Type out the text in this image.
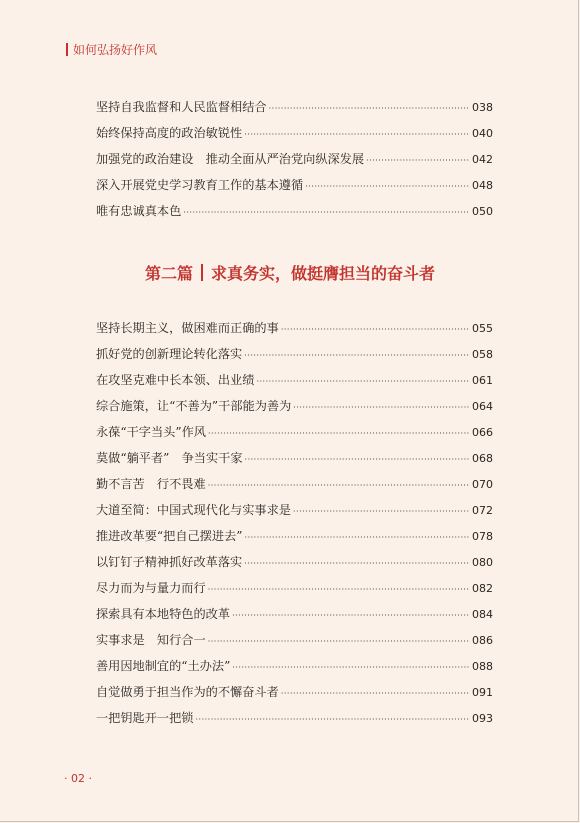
如何弘扬好作风
坚持自我监督和人民监督相结合 ·····	038
始终保持高度的政治敏锐性 ·····	040
加强党的政治建设　推动全面从严治党向纵深发展 ·····	042
深入开展党史学习教育工作的基本遵循 ·····	048
唯有忠诚真本色 ·····	050
第二篇 求真务实，做挺膺担当的奋斗者
坚持长期主义，做困难而正确的事 ·····	055
抓好党的创新理论转化落实 ·····	058
在攻坚克难中长本领、出业绩 ·····	061
综合施策，让“不善为”干部能为善为 ·····	064
永葆“干字当头”作风 ·····	066
莫做“躺平者”　争当实干家 ·····	068
勤不言苦　行不畏难 ·····	070
大道至简：中国式现代化与实事求是 ·····	072
推进改革要“把自己摆进去” ·····	078
以钉钉子精神抓好改革落实 ·····	080
尽力而为与量力而行 ·····	082
探索具有本地特色的改革 ·····	084
实事求是　知行合一 ·····	086
善用因地制宜的“土办法” ·····	088
自觉做勇于担当作为的不懈奋斗者 ·····	091
一把钥匙开一把锁 ·····	093
· 02 ·
